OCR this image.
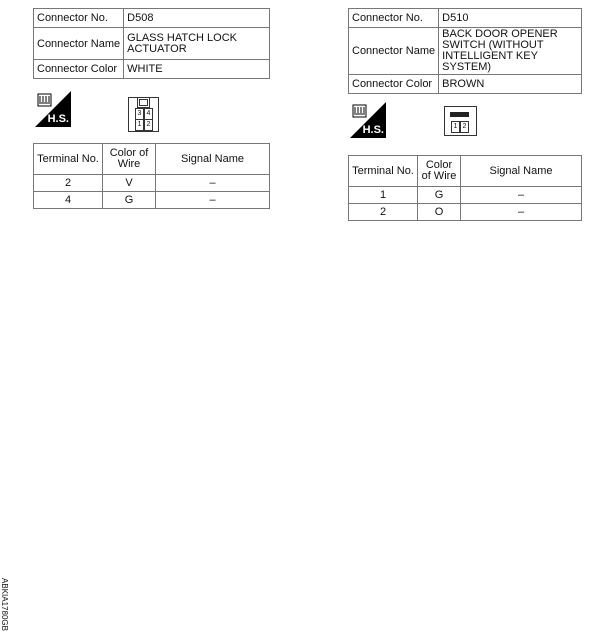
Connector No.	D508
Connector Name	GLASS HATCH LOCK ACTUATOR
Connector Color	WHITE
H.S.	3 4
1 2
Terminal No.	Color of Wire	Signal Name
2	V	–
4	G	–
Connector No.	D510
Connector Name	BACK DOOR OPENER SWITCH (WITHOUT INTELLIGENT KEY SYSTEM)
Connector Color	BROWN
H.S.	1 2
Terminal No.	Color of Wire	Signal Name
1	G	–
2	O	–
ABKIA1780GB
